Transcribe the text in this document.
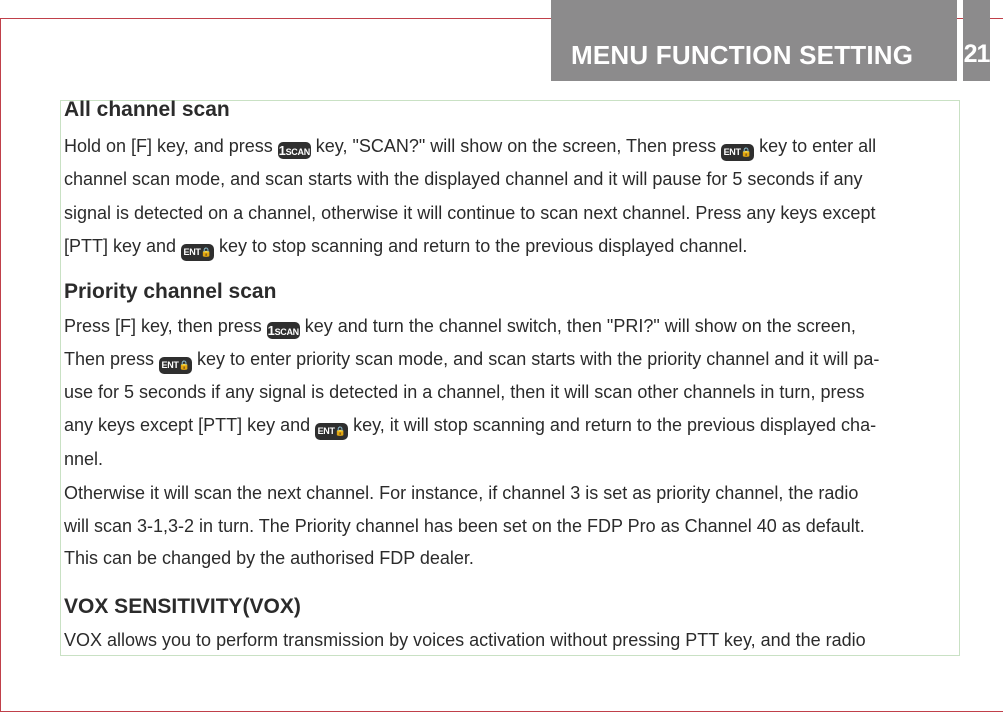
MENU FUNCTION SETTING 21
All channel scan
Hold on [F] key, and press 1SCAN key, "SCAN?" will show on the screen, Then press ENT🔒 key to enter all
channel scan mode, and scan starts with the displayed channel and it will pause for 5 seconds if any
signal is detected on a channel, otherwise it will continue to scan next channel. Press any keys except
[PTT] key and ENT🔒 key to stop scanning and return to the previous displayed channel.
Priority channel scan
Press [F] key, then press 1SCAN key and turn the channel switch, then "PRI?" will show on the screen,
Then press ENT🔒 key to enter priority scan mode, and scan starts with the priority channel and it will pa-
use for 5 seconds if any signal is detected in a channel, then it will scan other channels in turn, press
any keys except [PTT] key and ENT🔒 key, it will stop scanning and return to the previous displayed cha-
nnel.
Otherwise it will scan the next channel. For instance, if channel 3 is set as priority channel, the radio
will scan 3-1,3-2 in turn. The Priority channel has been set on the FDP Pro as Channel 40 as default.
This can be changed by the authorised FDP dealer.
VOX SENSITIVITY(VOX)
VOX allows you to perform transmission by voices activation without pressing PTT key, and the radio
